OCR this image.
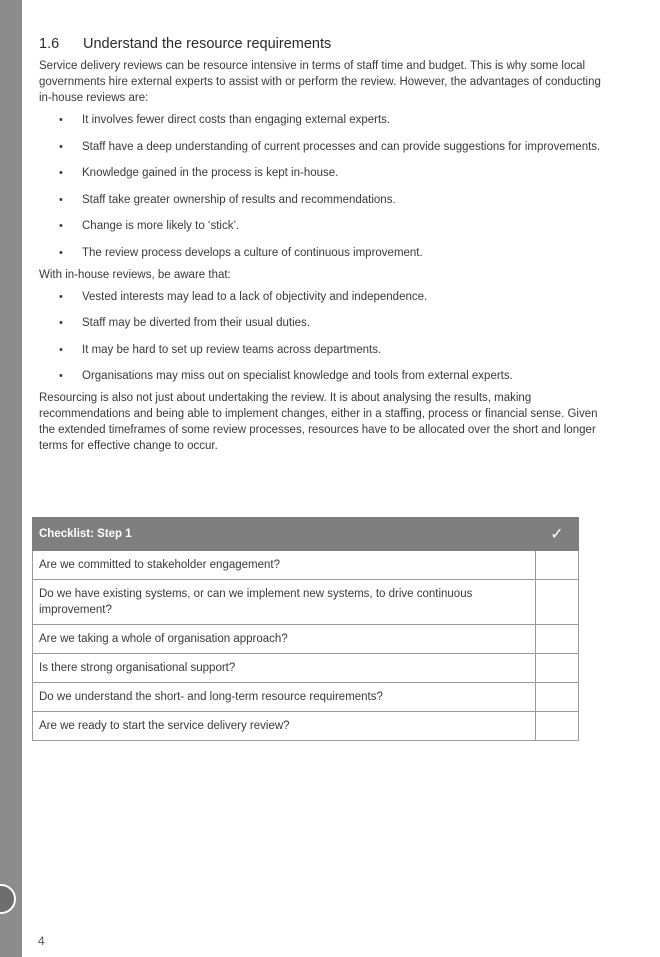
1.6 Understand the resource requirements

Service delivery reviews can be resource intensive in terms of staff time and budget. This is why some local governments hire external experts to assist with or perform the review. However, the advantages of conducting in-house reviews are:

• It involves fewer direct costs than engaging external experts.
• Staff have a deep understanding of current processes and can provide suggestions for improvements.
• Knowledge gained in the process is kept in-house.
• Staff take greater ownership of results and recommendations.
• Change is more likely to ‘stick’.
• The review process develops a culture of continuous improvement.

With in-house reviews, be aware that:

• Vested interests may lead to a lack of objectivity and independence.
• Staff may be diverted from their usual duties.
• It may be hard to set up review teams across departments.
• Organisations may miss out on specialist knowledge and tools from external experts.

Resourcing is also not just about undertaking the review. It is about analysing the results, making recommendations and being able to implement changes, either in a staffing, process or financial sense. Given the extended timeframes of some review processes, resources have to be allocated over the short and longer terms for effective change to occur.

Checklist: Step 1	✓
Are we committed to stakeholder engagement?	
Do we have existing systems, or can we implement new systems, to drive continuous improvement?	
Are we taking a whole of organisation approach?	
Is there strong organisational support?	
Do we understand the short- and long-term resource requirements?	
Are we ready to start the service delivery review?	
4
